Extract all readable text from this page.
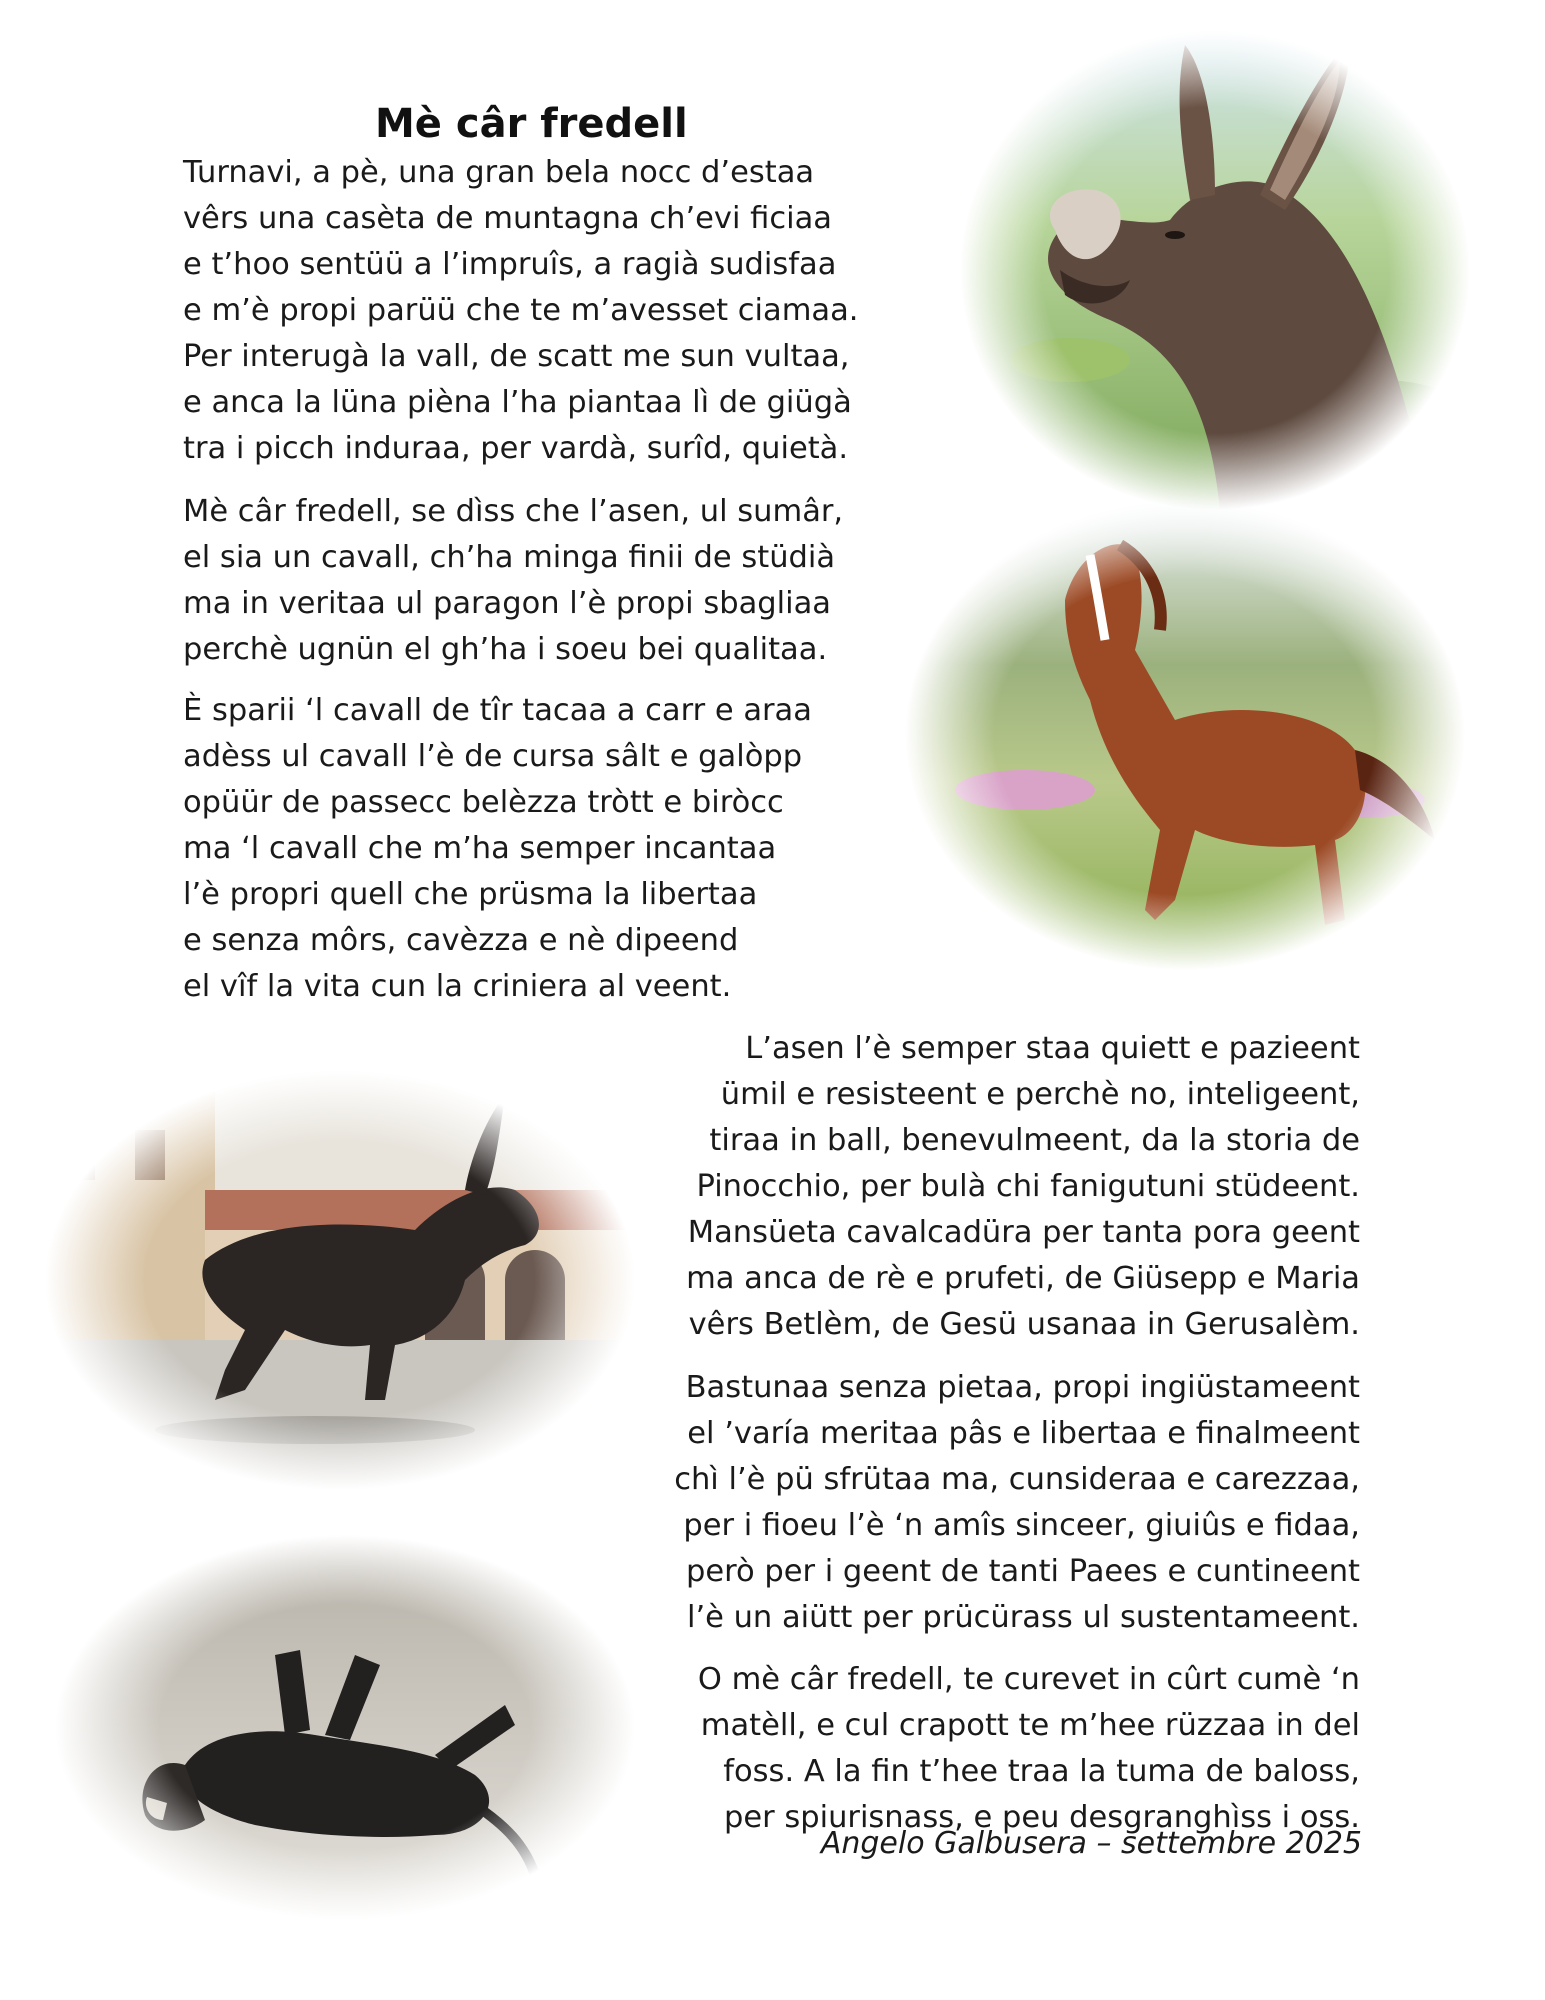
Mè câr fredell
Turnavi, a pè, una gran bela nocc d’estaa
vêrs una casèta de muntagna ch’evi ficiaa
e t’hoo sentüü a l’impruîs, a ragià sudisfaa
e m’è propi parüü che te m’avesset ciamaa.
Per interugà la vall, de scatt me sun vultaa,
e anca la lüna pièna l’ha piantaa lì de giügà
tra i picch induraa, per vardà, surîd, quietà.
Mè câr fredell, se dìss che l’asen, ul sumâr,
el sia un cavall, ch’ha minga finii de stüdià
ma in veritaa ul paragon l’è propi sbagliaa
perchè ugnün el gh’ha i soeu bei qualitaa.
È sparii ‘l cavall de tîr tacaa a carr e araa
adèss ul cavall l’è de cursa sâlt e galòpp
opüür de passecc belèzza tròtt e biròcc
ma ‘l cavall che m’ha semper incantaa
l’è propri quell che prüsma la libertaa
e senza môrs, cavèzza e nè dipeend
el vîf la vita cun la criniera al veent.
L’asen l’è semper staa quiett e pazieent
ümil e resisteent e perchè no, inteligeent,
tiraa in ball, benevulmeent, da la storia de
Pinocchio, per bulà chi fanigutuni stüdeent.
Mansüeta cavalcadüra per tanta pora geent
ma anca de rè e prufeti, de Giüsepp e Maria
vêrs Betlèm, de Gesü usanaa in Gerusalèm.
Bastunaa senza pietaa, propi ingiüstameent
el ’varía meritaa pâs e libertaa e finalmeent
chì l’è pü sfrütaa ma, cunsideraa e carezzaa,
per i fioeu l’è ‘n amîs sinceer, giuiûs e fidaa,
però per i geent de tanti Paees e cuntineent
l’è un aiütt per prücürass ul sustentameent.
O mè câr fredell, te curevet in cûrt cumè ‘n
matèll, e cul crapott te m’hee rüzzaa in del
foss. A la fin t’hee traa la tuma de baloss,
per spiurisnass, e peu desgranghìss i oss.
Angelo Galbusera – settembre 2025
